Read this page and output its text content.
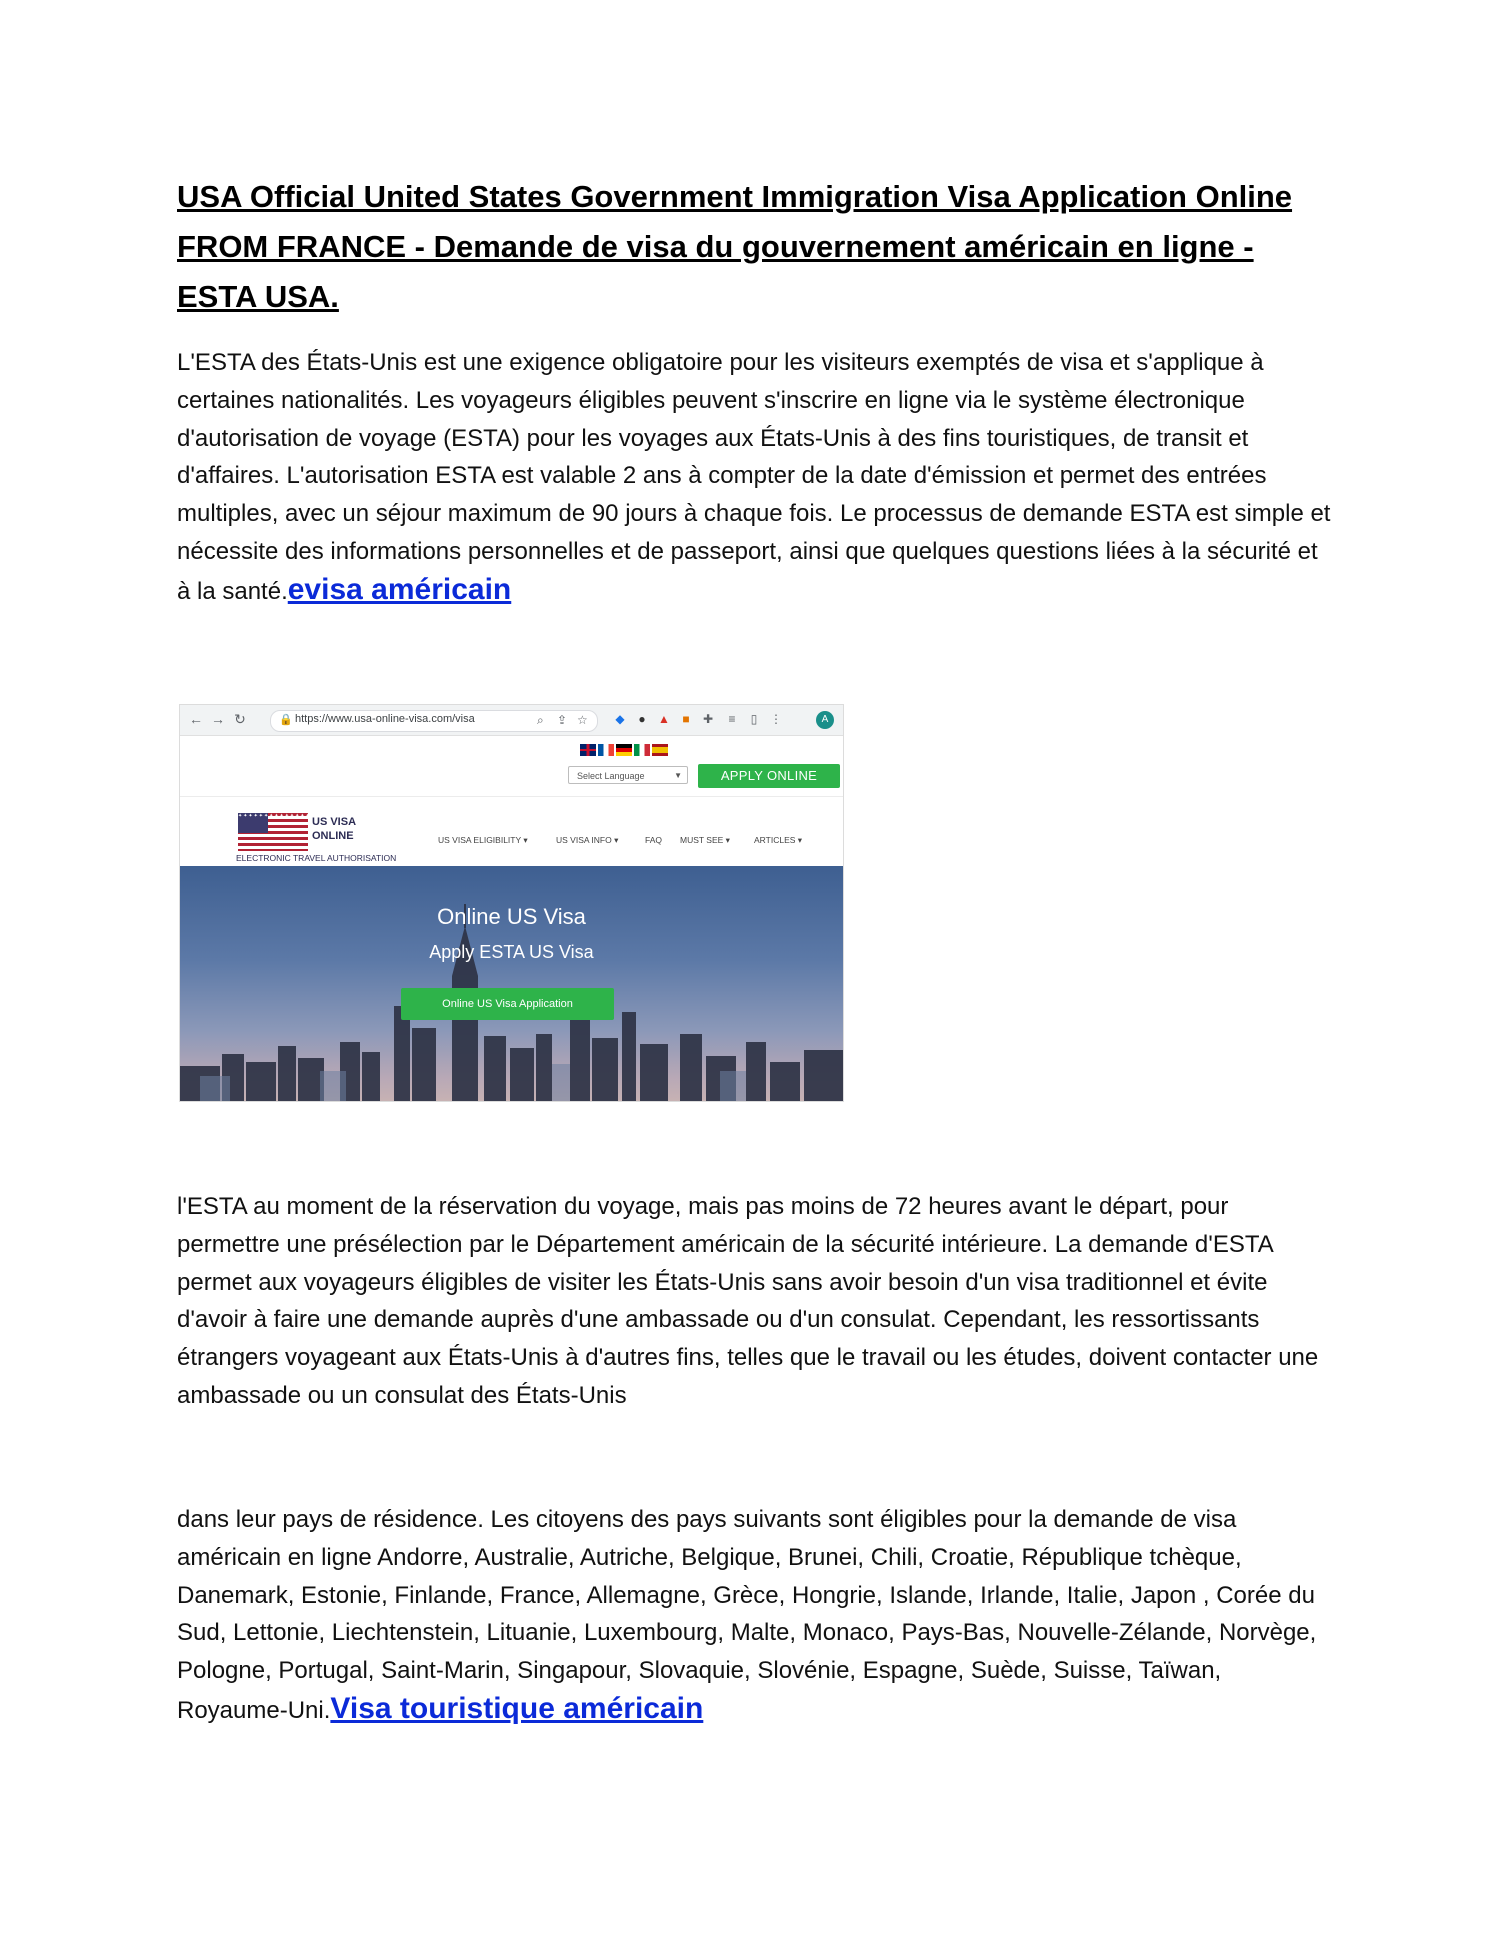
USA Official United States Government Immigration Visa Application Online FROM FRANCE - Demande de visa du gouvernement américain en ligne - ESTA USA.

L'ESTA des États-Unis est une exigence obligatoire pour les visiteurs exemptés de visa et s'applique à certaines nationalités. Les voyageurs éligibles peuvent s'inscrire en ligne via le système électronique d'autorisation de voyage (ESTA) pour les voyages aux États-Unis à des fins touristiques, de transit et d'affaires. L'autorisation ESTA est valable 2 ans à compter de la date d'émission et permet des entrées multiples, avec un séjour maximum de 90 jours à chaque fois. Le processus de demande ESTA est simple et nécessite des informations personnelles et de passeport, ainsi que quelques questions liées à la sécurité et à la santé.evisa américain

← → ↻	🔒 https://www.usa-online-visa.com/visa	⌕ ⇪ ☆ ◆	●	▲	■	✚	≡	▯	⋮	A
Select Language	▼	APPLY ONLINE
✦✦✦✦✦✦✦✦✦✦✦✦✦✦✦✦✦✦✦✦✦✦✦✦
US VISA
ONLINE
ELECTRONIC TRAVEL AUTHORISATION
US VISA ELIGIBILITY ▾	US VISA INFO ▾	FAQ MUST SEE ▾	ARTICLES ▾
Online US Visa
Apply ESTA US Visa
Online US Visa Application

l'ESTA au moment de la réservation du voyage, mais pas moins de 72 heures avant le départ, pour permettre une présélection par le Département américain de la sécurité intérieure. La demande d'ESTA permet aux voyageurs éligibles de visiter les États-Unis sans avoir besoin d'un visa traditionnel et évite d'avoir à faire une demande auprès d'une ambassade ou d'un consulat. Cependant, les ressortissants étrangers voyageant aux États-Unis à d'autres fins, telles que le travail ou les études, doivent contacter une ambassade ou un consulat des États-Unis

dans leur pays de résidence. Les citoyens des pays suivants sont éligibles pour la demande de visa américain en ligne Andorre, Australie, Autriche, Belgique, Brunei, Chili, Croatie, République tchèque, Danemark, Estonie, Finlande, France, Allemagne, Grèce, Hongrie, Islande, Irlande, Italie, Japon , Corée du Sud, Lettonie, Liechtenstein, Lituanie, Luxembourg, Malte, Monaco, Pays-Bas, Nouvelle-Zélande, Norvège, Pologne, Portugal, Saint-Marin, Singapour, Slovaquie, Slovénie, Espagne, Suède, Suisse, Taïwan, Royaume-Uni.Visa touristique américain
